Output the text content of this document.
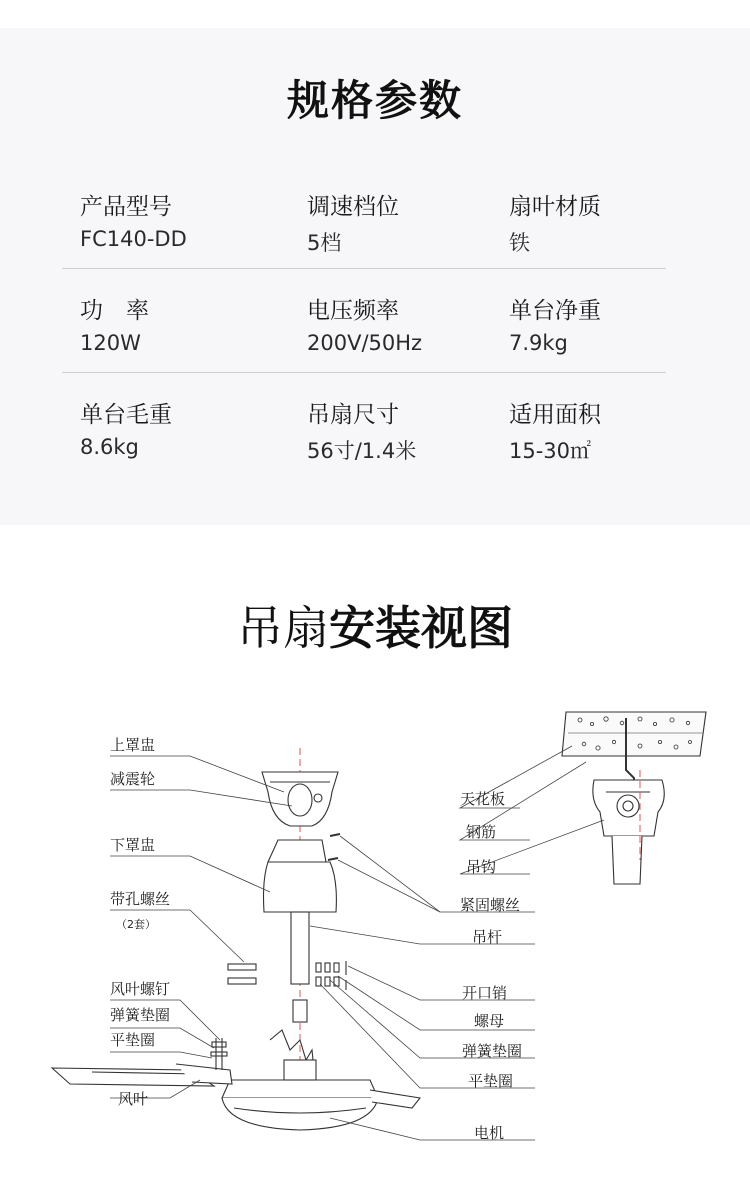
规格参数
产品型号
FC140-DD
调速档位
5档
扇叶材质
铁
功　率
120W
电压频率
200V/50Hz
单台净重
7.9kg
单台毛重
8.6kg
吊扇尺寸
56寸/1.4米
适用面积
15-30㎡
吊扇安装视图
上罩盅
减震轮
下罩盅
带孔螺丝
（2套）
风叶螺钉
弹簧垫圈
平垫圈
风叶
天花板
钢筋
吊钩
紧固螺丝
吊杆
开口销
螺母
弹簧垫圈
平垫圈
电机
